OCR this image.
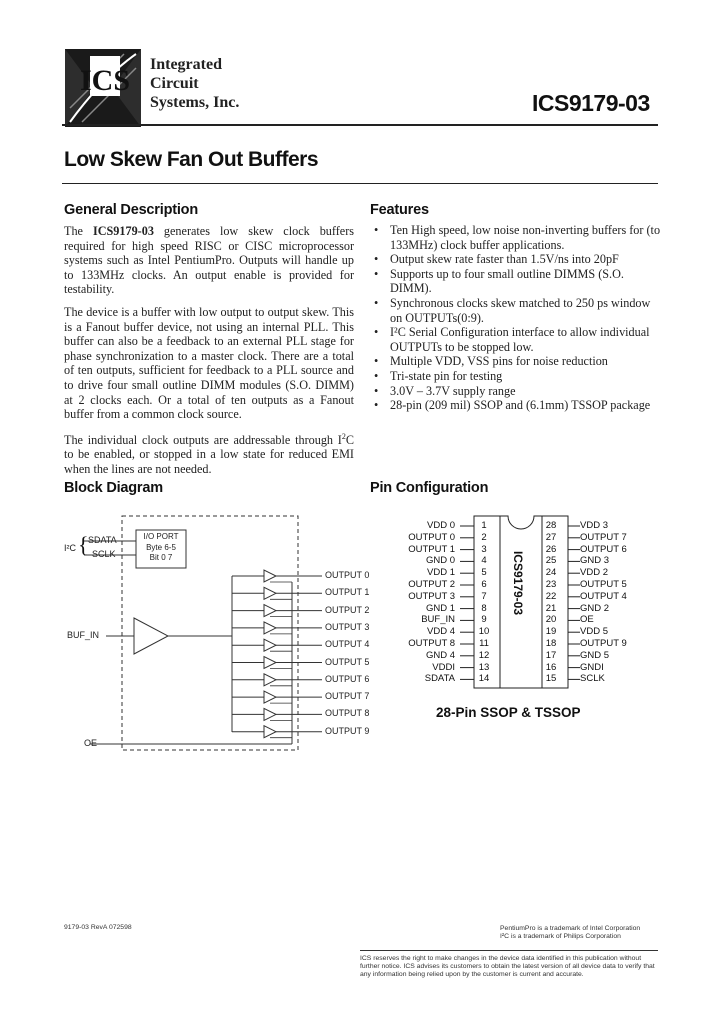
ICS Integrated
Circuit
Systems, Inc.	ICS9179-03
Low Skew Fan Out Buffers
General Description

The ICS9179-03 generates low skew clock buffers required for high speed RISC or CISC microprocessor systems such as Intel PentiumPro. Outputs will handle up to 133MHz clocks. An output enable is provided for testability.

The device is a buffer with low output to output skew. This is a Fanout buffer device, not using an internal PLL. This buffer can also be a feedback to an external PLL stage for phase synchronization to a master clock. There are a total of ten outputs, sufficient for feedback to a PLL source and to drive four small outline DIMM modules (S.O. DIMM) at 2 clocks each. Or a total of ten outputs as a Fanout buffer from a common clock source.

The individual clock outputs are addressable through $I^2C$ to be enabled, or stopped in a low state for reduced EMI when the lines are not needed.

Features
• Ten High speed, low noise non-inverting buffers for (to 133MHz) clock buffer applications.
• Output skew rate faster than 1.5V/ns into 20pF
• Supports up to four small outline DIMMS (S.O. DIMM).
• Synchronous clocks skew matched to 250 ps window on OUTPUTs(0:9).
• I²C Serial Configuration interface to allow individual OUTPUTs to be stopped low.
• Multiple VDD, VSS pins for noise reduction
• Tri-state pin for testing
• 3.0V – 3.7V supply range
• 28-pin (209 mil) SSOP and (6.1mm) TSSOP package
Block Diagram
I²C { SDATA
SCLK
I/O PORT
Byte 6-5
Bit 0 7
BUF_IN
OE
OUTPUT 0
OUTPUT 1
OUTPUT 2
OUTPUT 3
OUTPUT 4
OUTPUT 5
OUTPUT 6
OUTPUT 7
OUTPUT 8
OUTPUT 9
Pin Configuration
ICS9179-03
VDD 0	1	28	VDD 3
OUTPUT 0	2	27	OUTPUT 7
OUTPUT 1	3	26	OUTPUT 6
GND 0	4	25	GND 3
VDD 1	5	24	VDD 2
OUTPUT 2	6	23	OUTPUT 5
OUTPUT 3	7	22	OUTPUT 4
GND 1	8	21	GND 2
BUF_IN	9	20	OE
VDD 4	10	19	VDD 5
OUTPUT 8	11	18	OUTPUT 9
GND 4	12	17	GND 5
VDDI	13	16	GNDI
SDATA	14	15	SCLK
28-Pin SSOP & TSSOP
9179-03 RevA 072598	PentiumPro is a trademark of Intel Corporation
I²C is a trademark of Philips Corporation
ICS reserves the right to make changes in the device data identified in this publication without further notice. ICS advises its customers to obtain the latest version of all device data to verify that any information being relied upon by the customer is current and accurate.
